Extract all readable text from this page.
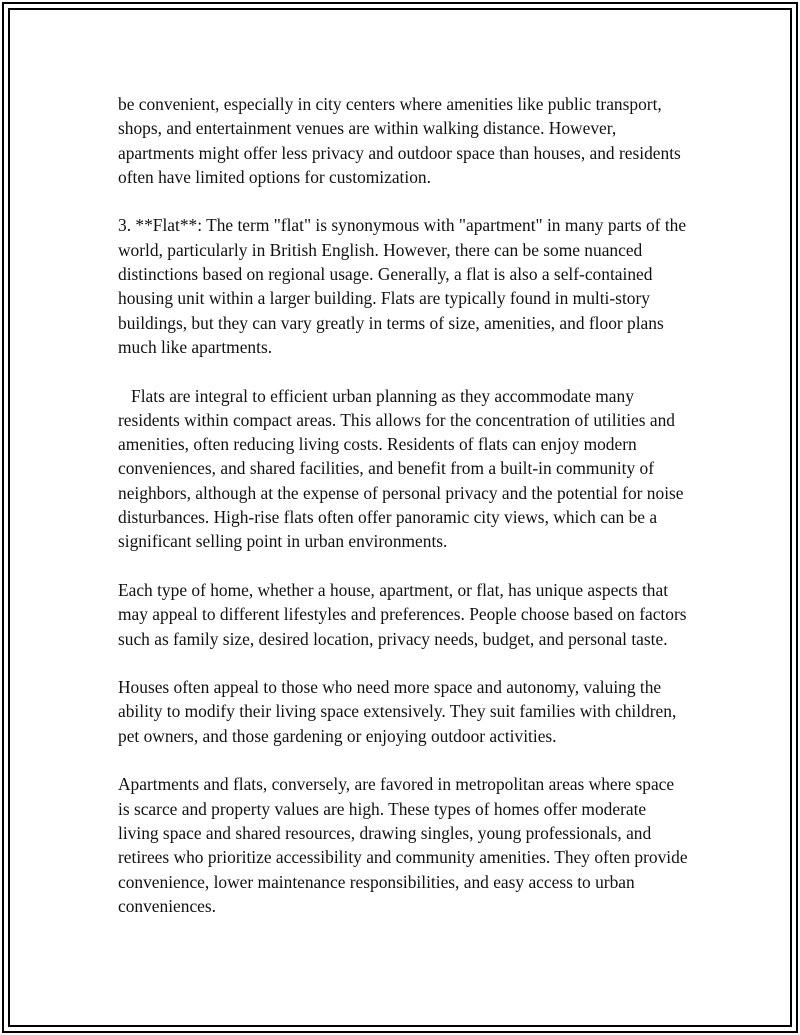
be convenient, especially in city centers where amenities like public transport, shops, and entertainment venues are within walking distance. However, apartments might offer less privacy and outdoor space than houses, and residents often have limited options for customization.

3. **Flat**: The term "flat" is synonymous with "apartment" in many parts of the world, particularly in British English. However, there can be some nuanced distinctions based on regional usage. Generally, a flat is also a self-contained housing unit within a larger building. Flats are typically found in multi-story buildings, but they can vary greatly in terms of size, amenities, and floor plans much like apartments.

Flats are integral to efficient urban planning as they accommodate many residents within compact areas. This allows for the concentration of utilities and amenities, often reducing living costs. Residents of flats can enjoy modern conveniences, and shared facilities, and benefit from a built-in community of neighbors, although at the expense of personal privacy and the potential for noise disturbances. High-rise flats often offer panoramic city views, which can be a significant selling point in urban environments.

Each type of home, whether a house, apartment, or flat, has unique aspects that may appeal to different lifestyles and preferences. People choose based on factors such as family size, desired location, privacy needs, budget, and personal taste.

Houses often appeal to those who need more space and autonomy, valuing the ability to modify their living space extensively. They suit families with children, pet owners, and those gardening or enjoying outdoor activities.

Apartments and flats, conversely, are favored in metropolitan areas where space is scarce and property values are high. These types of homes offer moderate living space and shared resources, drawing singles, young professionals, and retirees who prioritize accessibility and community amenities. They often provide convenience, lower maintenance responsibilities, and easy access to urban conveniences.
